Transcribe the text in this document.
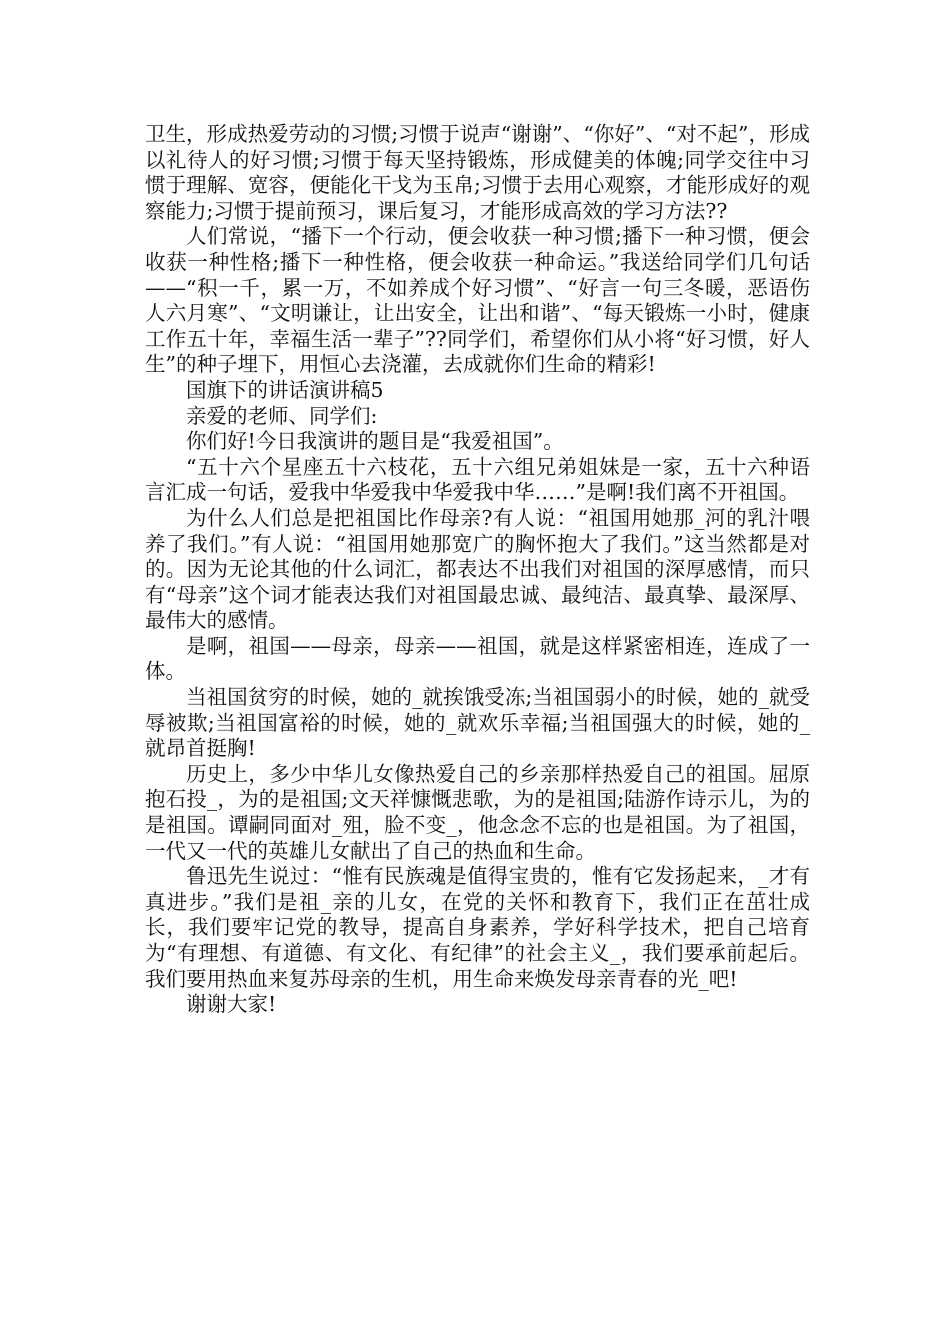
卫生，形成热爱劳动的习惯;习惯于说声“谢谢”、“你好”、“对不起”，形成以礼待人的好习惯;习惯于每天坚持锻炼，形成健美的体魄;同学交往中习惯于理解、宽容，便能化干戈为玉帛;习惯于去用心观察，才能形成好的观察能力;习惯于提前预习，课后复习，才能形成高效的学习方法??

人们常说，“播下一个行动，便会收获一种习惯;播下一种习惯，便会收获一种性格;播下一种性格，便会收获一种命运。”我送给同学们几句话——“积一千，累一万，不如养成个好习惯”、“好言一句三冬暖，恶语伤人六月寒”、“文明谦让，让出安全，让出和谐”、“每天锻炼一小时，健康工作五十年，幸福生活一辈子”??同学们，希望你们从小将“好习惯，好人生”的种子埋下，用恒心去浇灌，去成就你们生命的精彩!

国旗下的讲话演讲稿5

亲爱的老师、同学们:

你们好!今日我演讲的题目是“我爱祖国”。

“五十六个星座五十六枝花，五十六组兄弟姐妹是一家，五十六种语言汇成一句话，爱我中华爱我中华爱我中华……”是啊!我们离不开祖国。

为什么人们总是把祖国比作母亲?有人说：“祖国用她那_河的乳汁喂养了我们。”有人说：“祖国用她那宽广的胸怀抱大了我们。”这当然都是对的。因为无论其他的什么词汇，都表达不出我们对祖国的深厚感情，而只有“母亲”这个词才能表达我们对祖国最忠诚、最纯洁、最真挚、最深厚、最伟大的感情。

是啊，祖国——母亲，母亲——祖国，就是这样紧密相连，连成了一体。

当祖国贫穷的时候，她的_就挨饿受冻;当祖国弱小的时候，她的_就受辱被欺;当祖国富裕的时候，她的_就欢乐幸福;当祖国强大的时候，她的_就昂首挺胸!

历史上，多少中华儿女像热爱自己的乡亲那样热爱自己的祖国。屈原抱石投_，为的是祖国;文天祥慷慨悲歌，为的是祖国;陆游作诗示儿，为的是祖国。谭嗣同面对_殂，脸不变_，他念念不忘的也是祖国。为了祖国，一代又一代的英雄儿女献出了自己的热血和生命。

鲁迅先生说过：“惟有民族魂是值得宝贵的，惟有它发扬起来，_才有真进步。”我们是祖_亲的儿女，在党的关怀和教育下，我们正在茁壮成长，我们要牢记党的教导，提高自身素养，学好科学技术，把自己培育为“有理想、有道德、有文化、有纪律”的社会主义_，我们要承前起后。我们要用热血来复苏母亲的生机，用生命来焕发母亲青春的光_吧!

谢谢大家!
